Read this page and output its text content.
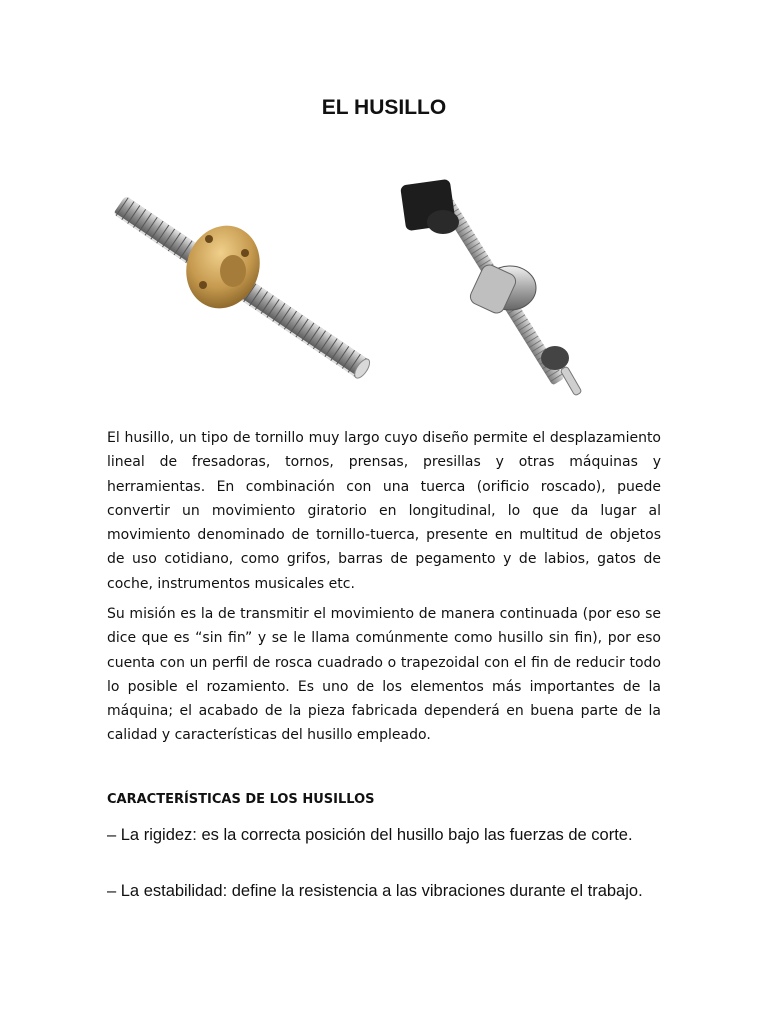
EL HUSILLO
El husillo, un tipo de tornillo muy largo cuyo diseño permite el desplazamiento lineal de fresadoras, tornos, prensas, presillas y otras máquinas y herramientas. En combinación con una tuerca (orificio roscado), puede convertir un movimiento giratorio en longitudinal, lo que da lugar al movimiento denominado de tornillo-tuerca, presente en multitud de objetos de uso cotidiano, como grifos, barras de pegamento y de labios, gatos de coche, instrumentos musicales etc.
Su misión es la de transmitir el movimiento de manera continuada (por eso se dice que es “sin fin” y se le llama comúnmente como husillo sin fin), por eso cuenta con un perfil de rosca cuadrado o trapezoidal con el fin de reducir todo lo posible el rozamiento. Es uno de los elementos más importantes de la máquina; el acabado de la pieza fabricada dependerá en buena parte de la calidad y características del husillo empleado.
CARACTERÍSTICAS DE LOS HUSILLOS
– La rigidez: es la correcta posición del husillo bajo las fuerzas de corte.
– La estabilidad: define la resistencia a las vibraciones durante el trabajo.
